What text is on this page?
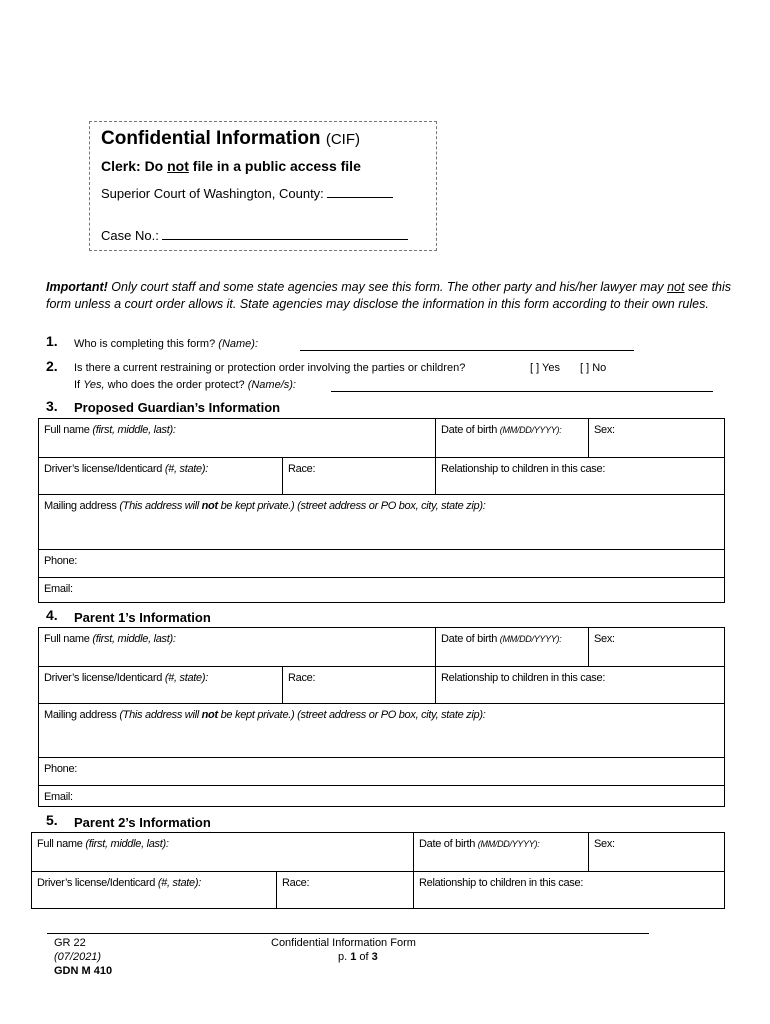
Confidential Information (CIF)
Clerk: Do not file in a public access file
Superior Court of Washington, County:
Case No.:
Important! Only court staff and some state agencies may see this form. The other party and his/her lawyer may not see this form unless a court order allows it. State agencies may disclose the information in this form according to their own rules.
1. Who is completing this form? (Name):
2. Is there a current restraining or protection order involving the parties or children?	[ ] Yes [ ] No
If Yes, who does the order protect? (Name/s):
3. Proposed Guardian’s Information
Full name (first, middle, last):	Date of birth (MM/DD/YYYY):	Sex:
Driver’s license/Identicard (#, state):	Race:	Relationship to children in this case:
Mailing address (This address will not be kept private.) (street address or PO box, city, state zip):
Phone:
Email:
4. Parent 1’s Information
Full name (first, middle, last):	Date of birth (MM/DD/YYYY):	Sex:
Driver’s license/Identicard (#, state):	Race:	Relationship to children in this case:
Mailing address (This address will not be kept private.) (street address or PO box, city, state zip):
Phone:
Email:
5. Parent 2’s Information
Full name (first, middle, last):	Date of birth (MM/DD/YYYY):	Sex:
Driver’s license/Identicard (#, state):	Race:	Relationship to children in this case:
GR 22
(07/2021)
GDN M 410
Confidential Information Form
p. 1 of 3
